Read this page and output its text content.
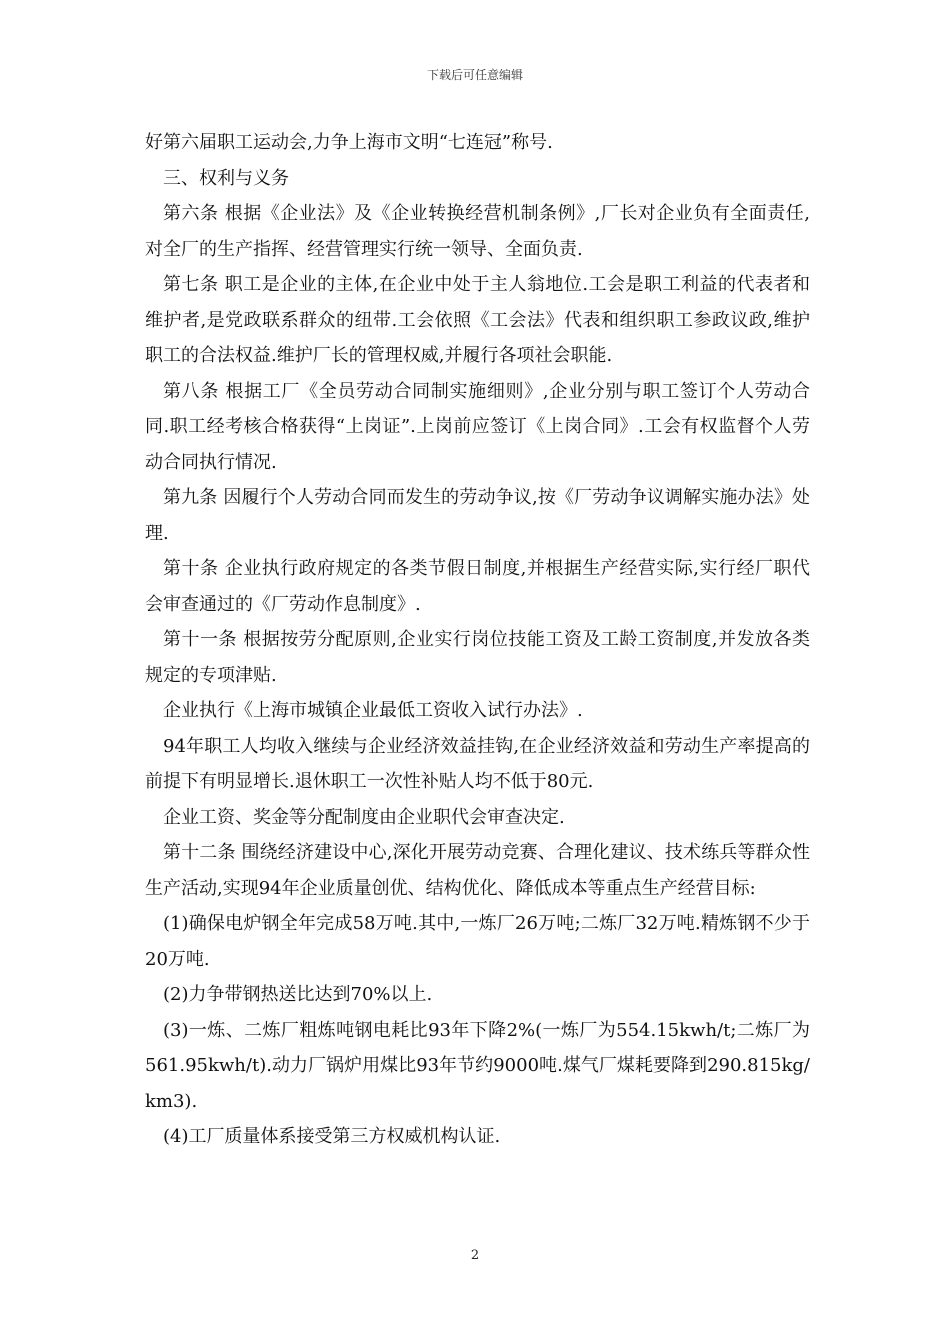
下载后可任意编辑

好第六届职工运动会,力争上海市文明“七连冠”称号.

三、权利与义务

第六条 根据《企业法》及《企业转换经营机制条例》,厂长对企业负有全面责任,对全厂的生产指挥、经营管理实行统一领导、全面负责.

第七条 职工是企业的主体,在企业中处于主人翁地位.工会是职工利益的代表者和维护者,是党政联系群众的纽带.工会依照《工会法》代表和组织职工参政议政,维护职工的合法权益.维护厂长的管理权威,并履行各项社会职能.

第八条 根据工厂《全员劳动合同制实施细则》,企业分别与职工签订个人劳动合同.职工经考核合格获得“上岗证”.上岗前应签订《上岗合同》.工会有权监督个人劳动合同执行情况.

第九条 因履行个人劳动合同而发生的劳动争议,按《厂劳动争议调解实施办法》处理.

第十条 企业执行政府规定的各类节假日制度,并根据生产经营实际,实行经厂职代会审查通过的《厂劳动作息制度》.

第十一条 根据按劳分配原则,企业实行岗位技能工资及工龄工资制度,并发放各类规定的专项津贴.

企业执行《上海市城镇企业最低工资收入试行办法》.

94年职工人均收入继续与企业经济效益挂钩,在企业经济效益和劳动生产率提高的前提下有明显增长.退休职工一次性补贴人均不低于80元.

企业工资、奖金等分配制度由企业职代会审查决定.

第十二条 围绕经济建设中心,深化开展劳动竞赛、合理化建议、技术练兵等群众性生产活动,实现94年企业质量创优、结构优化、降低成本等重点生产经营目标:

(1)确保电炉钢全年完成58万吨.其中,一炼厂26万吨;二炼厂32万吨.精炼钢不少于20万吨.

(2)力争带钢热送比达到70%以上.

(3)一炼、二炼厂粗炼吨钢电耗比93年下降2%(一炼厂为554.15kwh/t;二炼厂为561.95kwh/t).动力厂锅炉用煤比93年节约9000吨.煤气厂煤耗要降到290.815kg/km3).

(4)工厂质量体系接受第三方权威机构认证.

2
